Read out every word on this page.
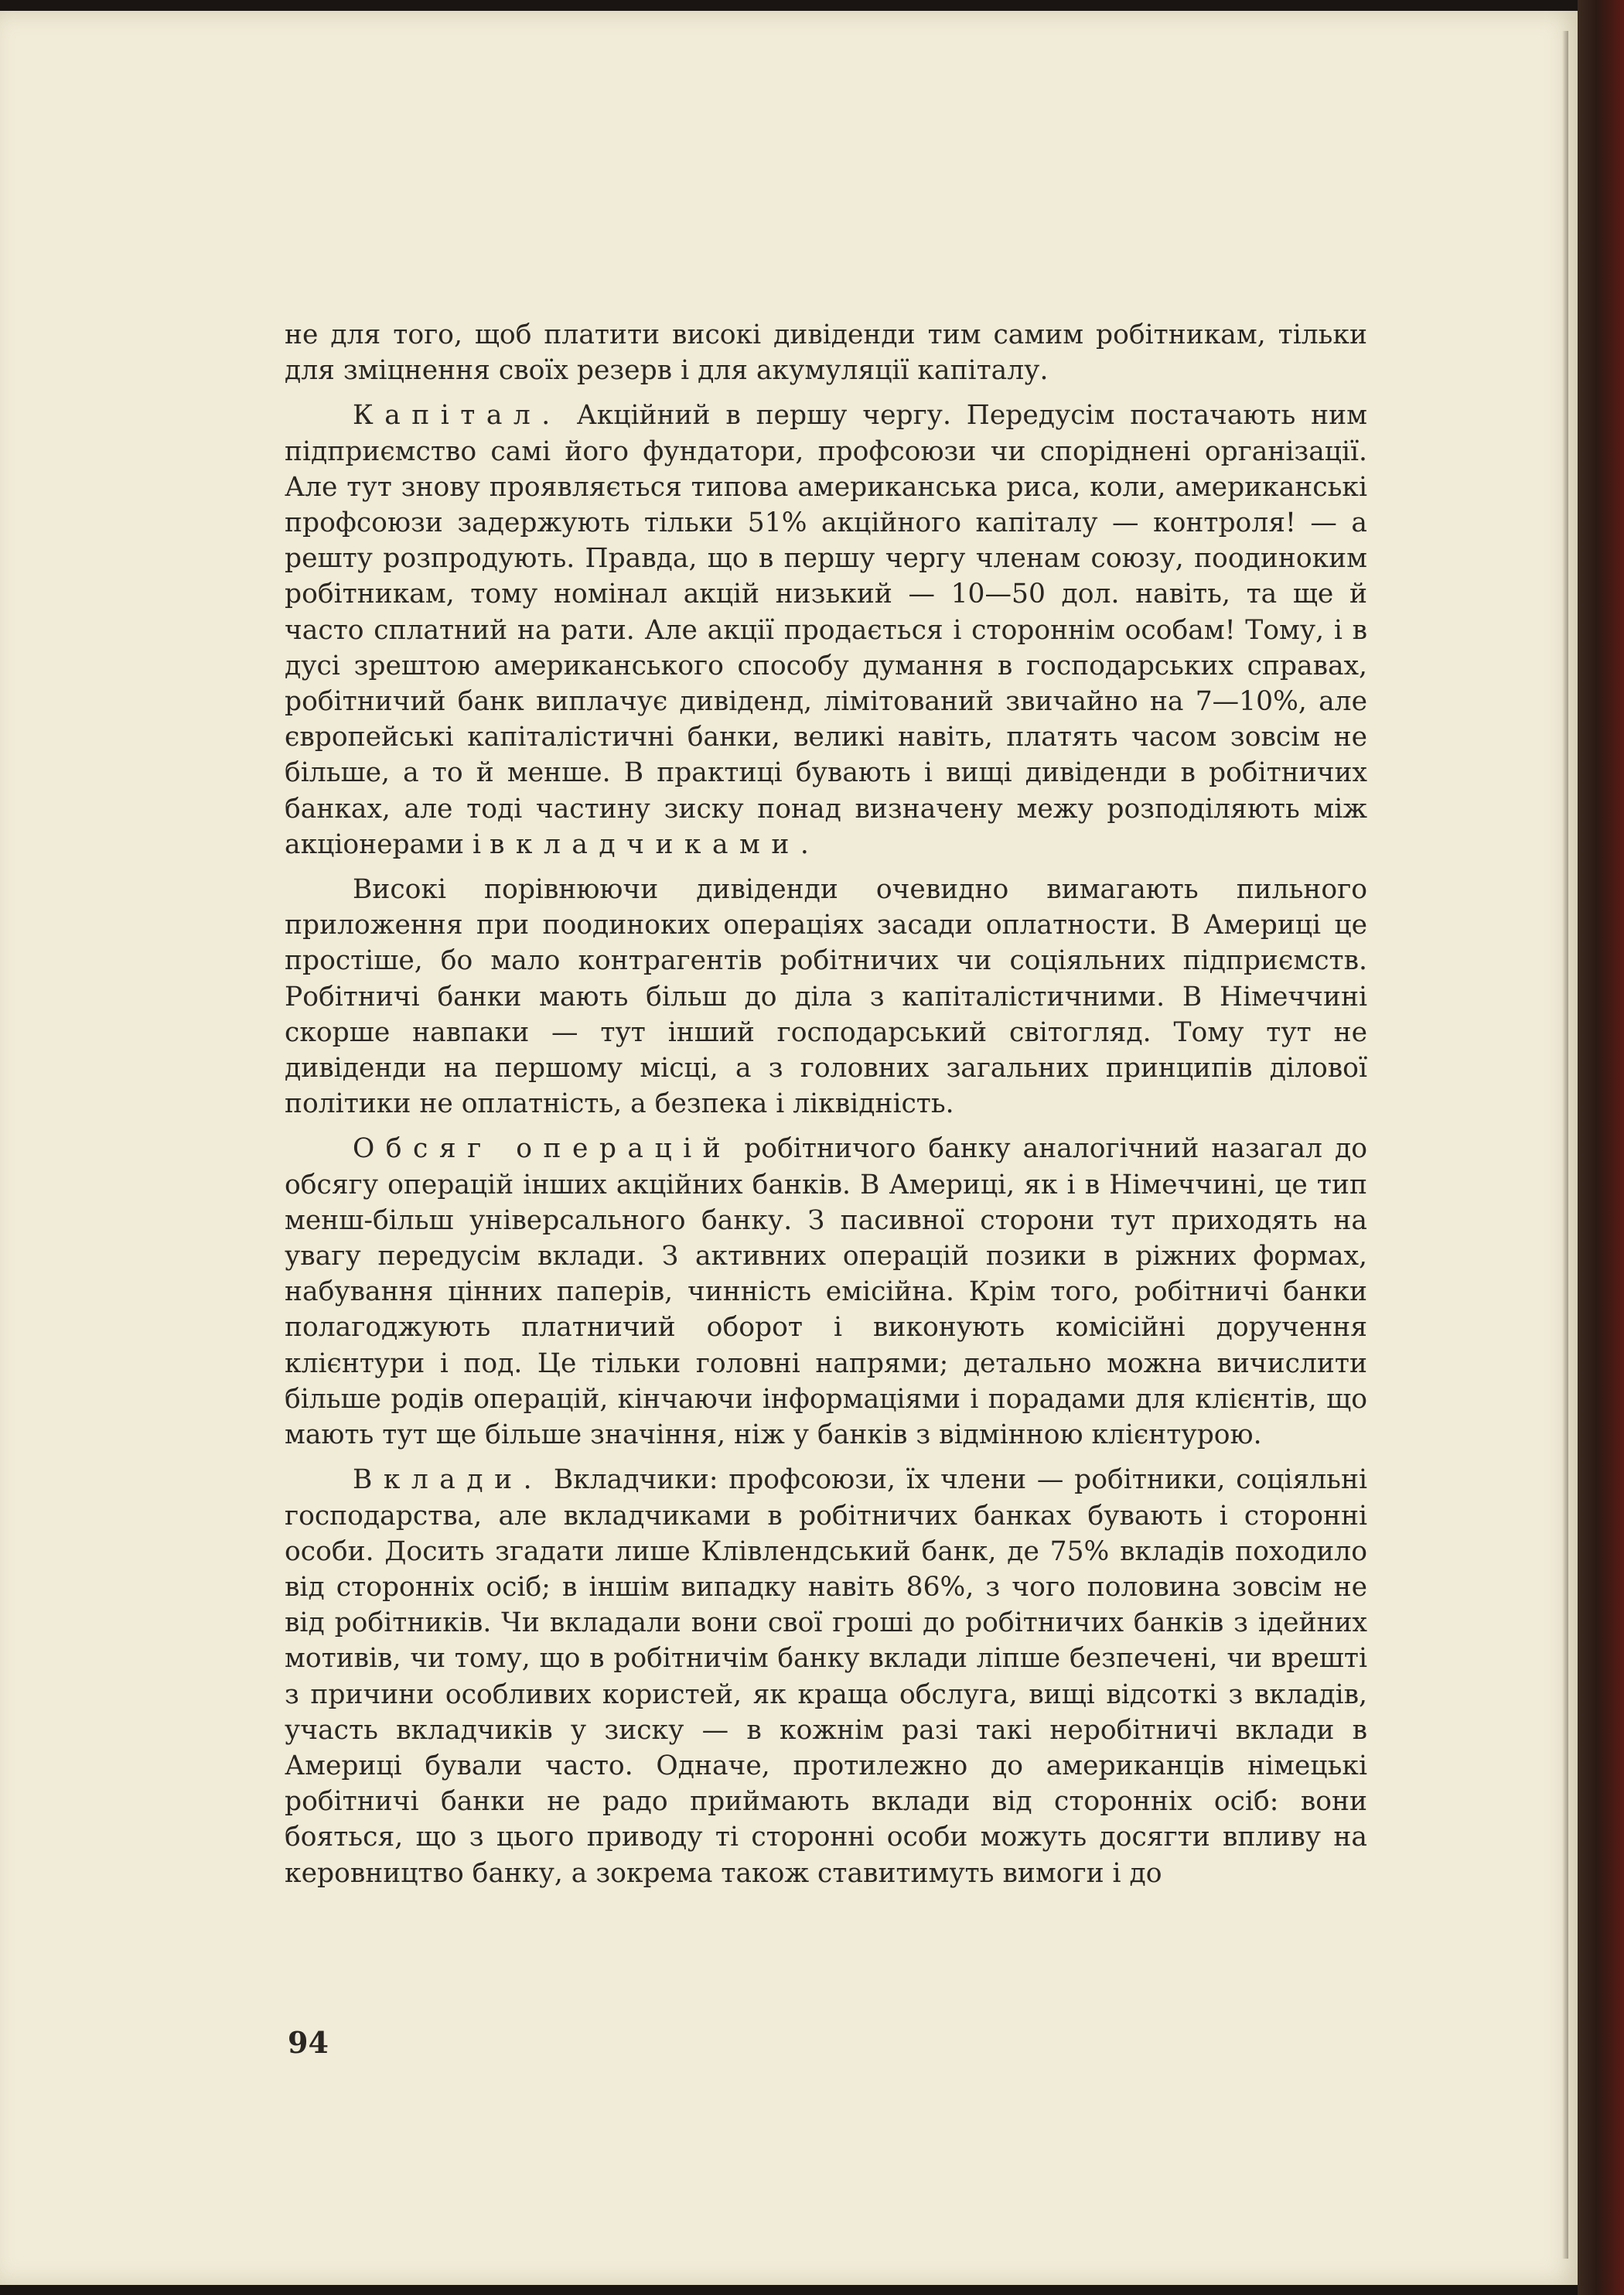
не для того, щоб платити високі дивіденди тим самим робітникам, тільки для зміцнення своїх резерв і для акумуляції капіталу.

Капітал. Акційний в першу чергу. Передусім постачають ним підприємство самі його фундатори, профсоюзи чи споріднені організації. Але тут знову проявляється типова американська риса, коли, американські профсоюзи задержують тільки 51% акційного капіталу — контроля! — а решту розпродують. Правда, що в першу чергу членам союзу, поодиноким робітникам, тому номінал акцій низький — 10—50 дол. навіть, та ще й часто сплатний на рати. Але акції продається і стороннім особам! Тому, і в дусі зрештою американського способу думання в господарських справах, робітничий банк виплачує дивіденд, лімітований звичайно на 7—10%, але європейські капіталістичні банки, великі навіть, платять часом зовсім не більше, а то й менше. В практиці бувають і вищі дивіденди в робітничих банках, але тоді частину зиску понад визначену межу розподіляють між акціонерами і вкладчиками.

Високі порівнюючи дивіденди очевидно вимагають пильного приложення при поодиноких операціях засади оплатности. В Америці це простіше, бо мало контрагентів робітничих чи соціяльних підприємств. Робітничі банки мають більш до діла з капіталістичними. В Німеччині скорше навпаки — тут інший господарський світогляд. Тому тут не дивіденди на першому місці, а з головних загальних принципів ділової політики не оплатність, а безпека і ліквідність.

Обсяг операцій робітничого банку аналогічний назагал до обсягу операцій інших акційних банків. В Америці, як і в Німеччині, це тип менш-більш універсального банку. З пасивної сторони тут приходять на увагу передусім вклади. З активних операцій позики в ріжних формах, набування цінних паперів, чинність емісійна. Крім того, робітничі банки полагоджують платничий оборот і виконують комісійні доручення клієнтури і под. Це тільки головні напрями; детально можна вичислити більше родів операцій, кінчаючи інформаціями і порадами для клієнтів, що мають тут ще більше значіння, ніж у банків з відмінною клієнтурою.

Вклади. Вкладчики: профсоюзи, їх члени — робітники, соціяльні господарства, але вкладчиками в робітничих банках бувають і сторонні особи. Досить згадати лише Клівлендський банк, де 75% вкладів походило від сторонніх осіб; в іншім випадку навіть 86%, з чого половина зовсім не від робітників. Чи вкладали вони свої гроші до робітничих банків з ідейних мотивів, чи тому, що в робітничім банку вклади ліпше безпечені, чи врешті з причини особливих користей, як краща обслуга, вищі відсоткі з вкладів, участь вкладчиків у зиску — в кожнім разі такі неробітничі вклади в Америці бували часто. Одначе, протилежно до американців німецькі робітничі банки не радо приймають вклади від сторонніх осіб: вони бояться, що з цього приводу ті сторонні особи можуть досягти впливу на керовництво банку, а зокрема також ставитимуть вимоги і до

94
